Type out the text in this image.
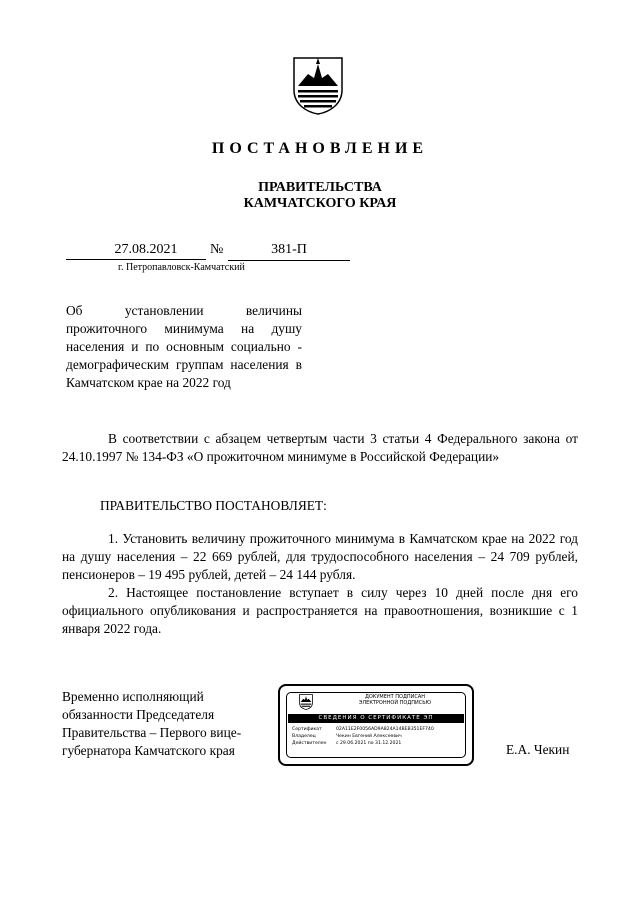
ПОСТАНОВЛЕНИЕ
ПРАВИТЕЛЬСТВА
КАМЧАТСКОГО КРАЯ
27.08.2021	№	381-П
г. Петропавловск-Камчатский
Об установлении величины прожиточного минимума на душу населения и по основным социально - демографическим группам населения в Камчатском крае на 2022 год
В соответствии с абзацем четвертым части 3 статьи 4 Федерального закона от 24.10.1997 № 134-ФЗ «О прожиточном минимуме в Российской Федерации»
ПРАВИТЕЛЬСТВО ПОСТАНОВЛЯЕТ:
1. Установить величину прожиточного минимума в Камчатском крае на 2022 год на душу населения – 22 669 рублей, для трудоспособного населения – 24 709 рублей, пенсионеров – 19 495 рублей, детей – 24 144 рубля.
2. Настоящее постановление вступает в силу через 10 дней после дня его официального опубликования и распространяется на правоотношения, возникшие с 1 января 2022 года.
Временно исполняющий обязанности Председателя Правительства – Первого вице-губернатора Камчатского края
ДОКУМЕНТ ПОДПИСАН
ЭЛЕКТРОННОЙ ПОДПИСЬЮ
СВЕДЕНИЯ О СЕРТИФИКАТЕ ЭП
Сертификат	02A11E2F0056AD9A824A14BEB351EF740
Владелец	Чекин Евгений Алексеевич
Действителен с 29.06.2021 по 31.12.2021	Е.А. Чекин
